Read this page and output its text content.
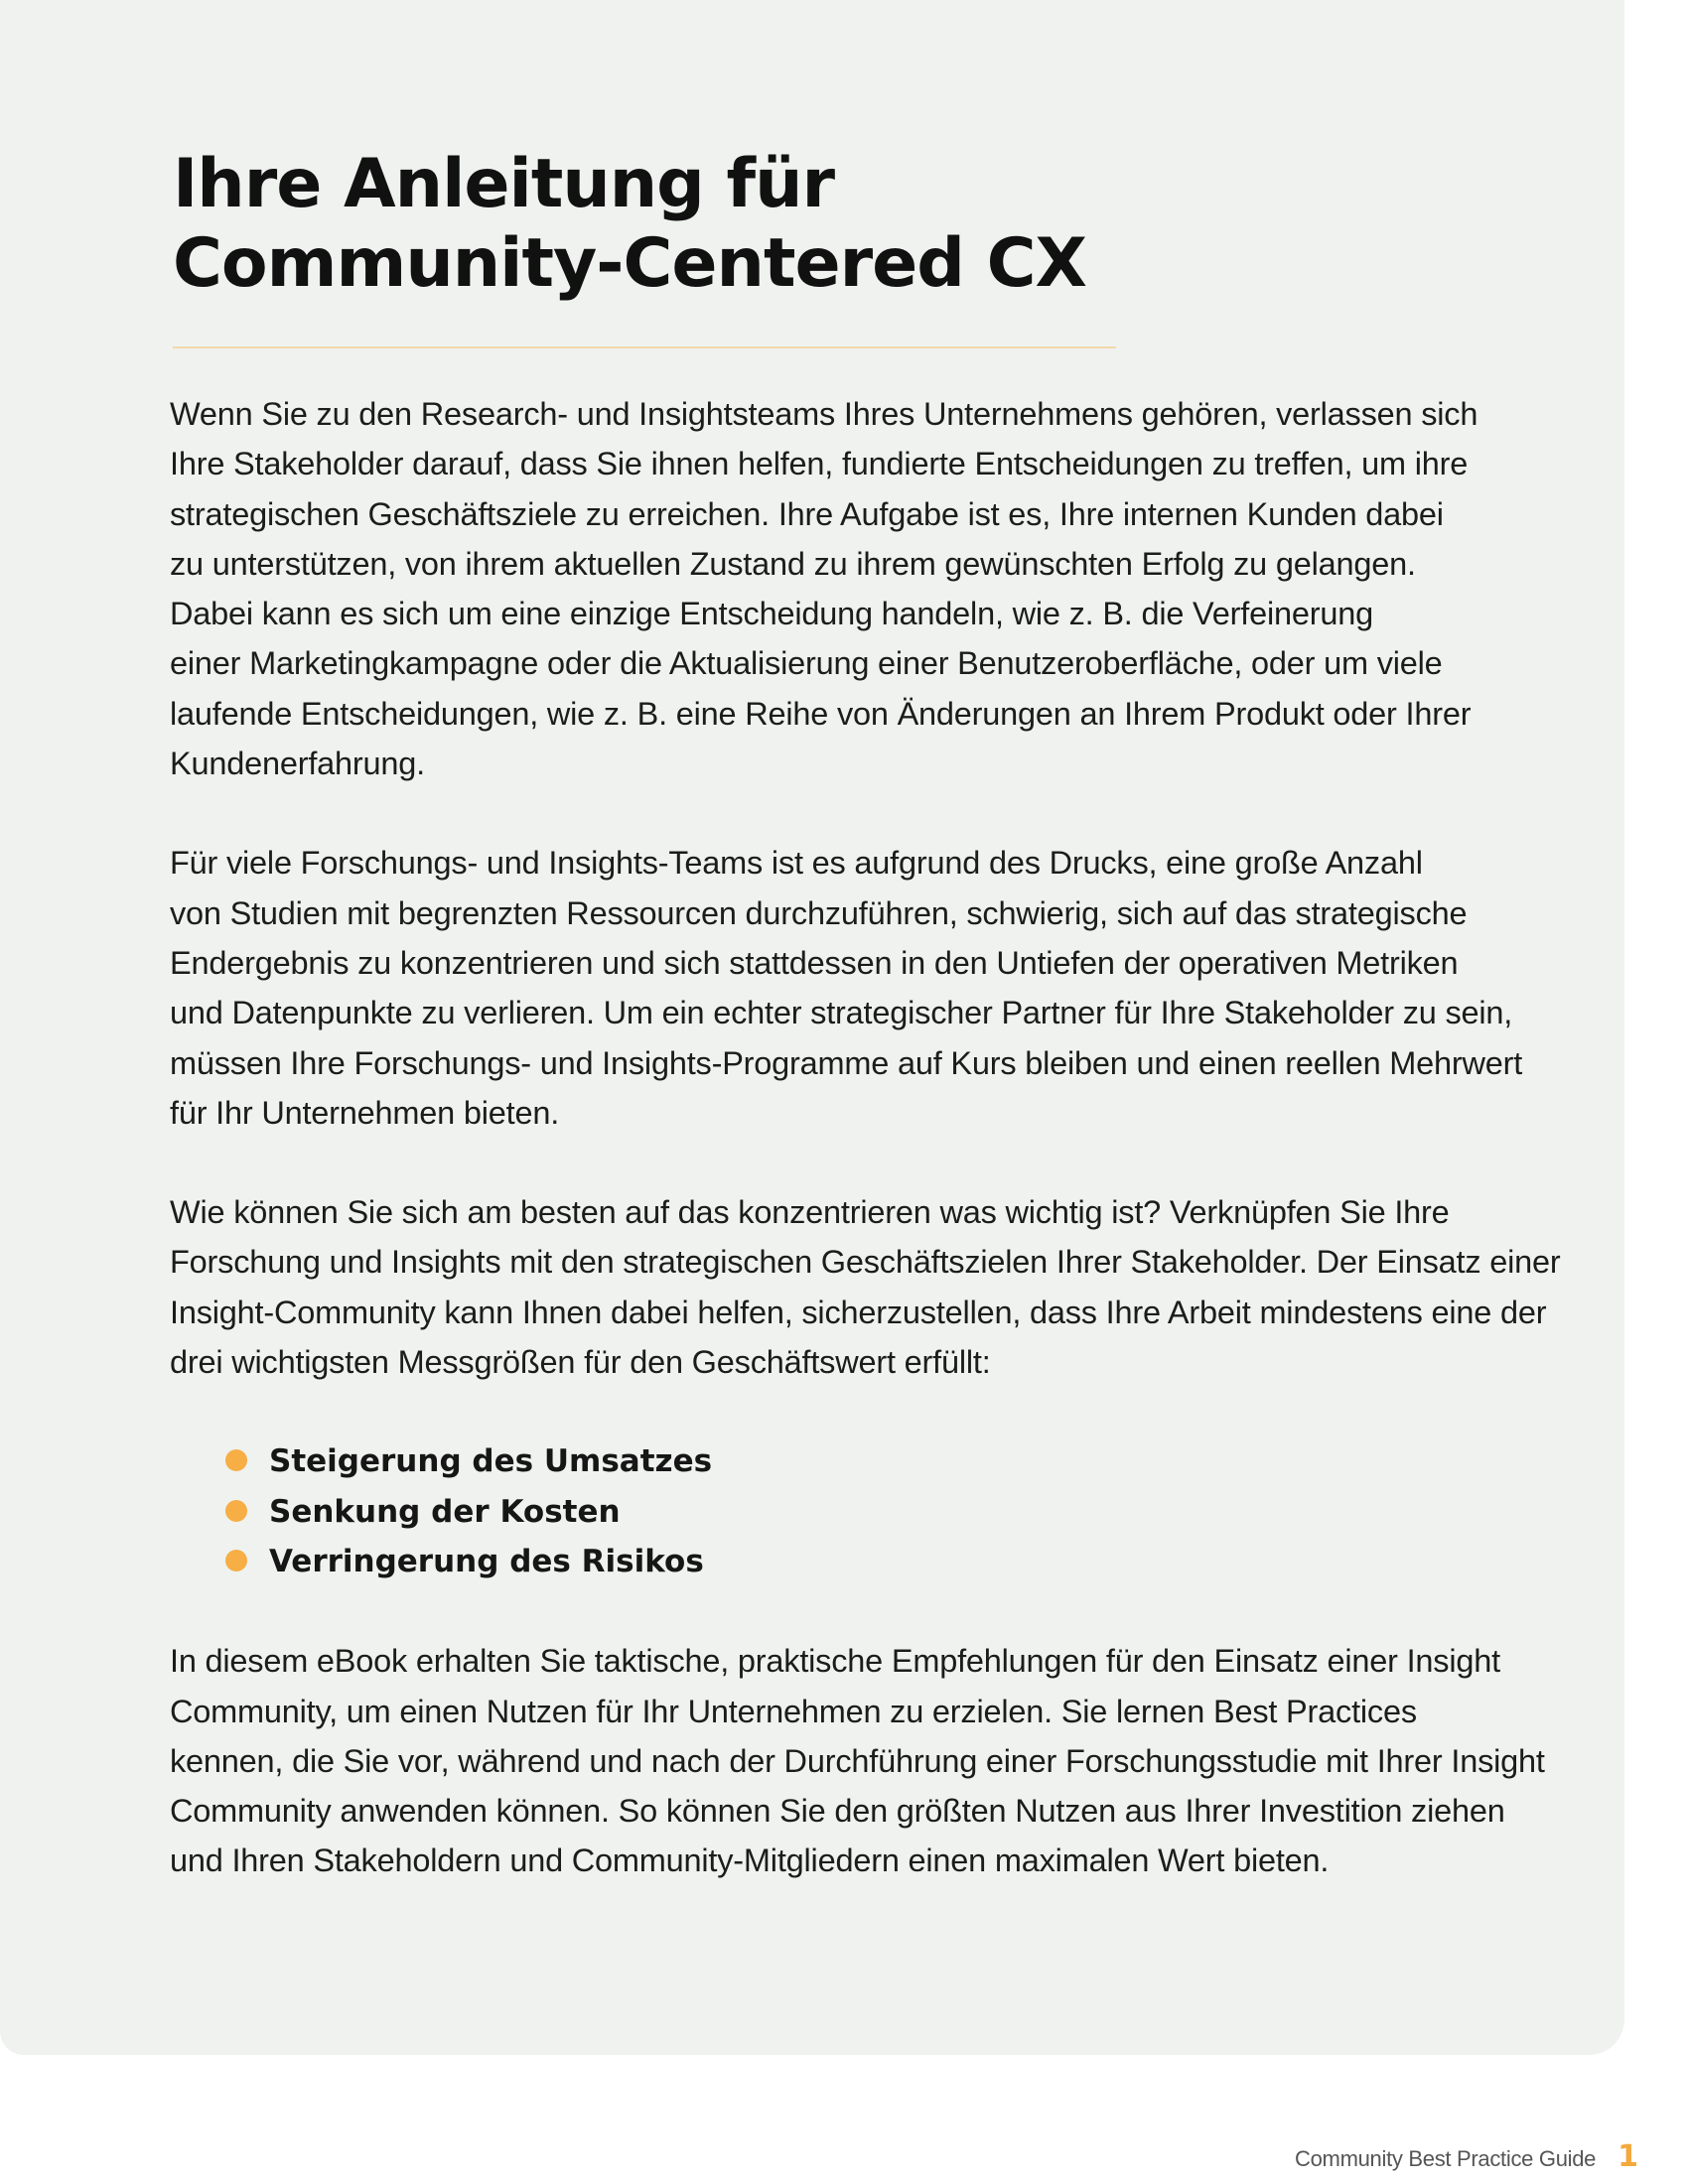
Ihre Anleitung für
Community-Centered CX

Wenn Sie zu den Research- und Insightsteams Ihres Unternehmens gehören, verlassen sich
Ihre Stakeholder darauf, dass Sie ihnen helfen, fundierte Entscheidungen zu treffen, um ihre
strategischen Geschäftsziele zu erreichen. Ihre Aufgabe ist es, Ihre internen Kunden dabei
zu unterstützen, von ihrem aktuellen Zustand zu ihrem gewünschten Erfolg zu gelangen.
Dabei kann es sich um eine einzige Entscheidung handeln, wie z. B. die Verfeinerung
einer Marketingkampagne oder die Aktualisierung einer Benutzeroberfläche, oder um viele
laufende Entscheidungen, wie z. B. eine Reihe von Änderungen an Ihrem Produkt oder Ihrer
Kundenerfahrung.

Für viele Forschungs- und Insights-Teams ist es aufgrund des Drucks, eine große Anzahl
von Studien mit begrenzten Ressourcen durchzuführen, schwierig, sich auf das strategische
Endergebnis zu konzentrieren und sich stattdessen in den Untiefen der operativen Metriken
und Datenpunkte zu verlieren. Um ein echter strategischer Partner für Ihre Stakeholder zu sein,
müssen Ihre Forschungs- und Insights-Programme auf Kurs bleiben und einen reellen Mehrwert
für Ihr Unternehmen bieten.

Wie können Sie sich am besten auf das konzentrieren was wichtig ist? Verknüpfen Sie Ihre
Forschung und Insights mit den strategischen Geschäftszielen Ihrer Stakeholder. Der Einsatz einer
Insight-Community kann Ihnen dabei helfen, sicherzustellen, dass Ihre Arbeit mindestens eine der
drei wichtigsten Messgrößen für den Geschäftswert erfüllt:

Steigerung des Umsatzes
Senkung der Kosten
Verringerung des Risikos

In diesem eBook erhalten Sie taktische, praktische Empfehlungen für den Einsatz einer Insight
Community, um einen Nutzen für Ihr Unternehmen zu erzielen. Sie lernen Best Practices
kennen, die Sie vor, während und nach der Durchführung einer Forschungsstudie mit Ihrer Insight
Community anwenden können. So können Sie den größten Nutzen aus Ihrer Investition ziehen
und Ihren Stakeholdern und Community-Mitgliedern einen maximalen Wert bieten.

Community Best Practice Guide 1
